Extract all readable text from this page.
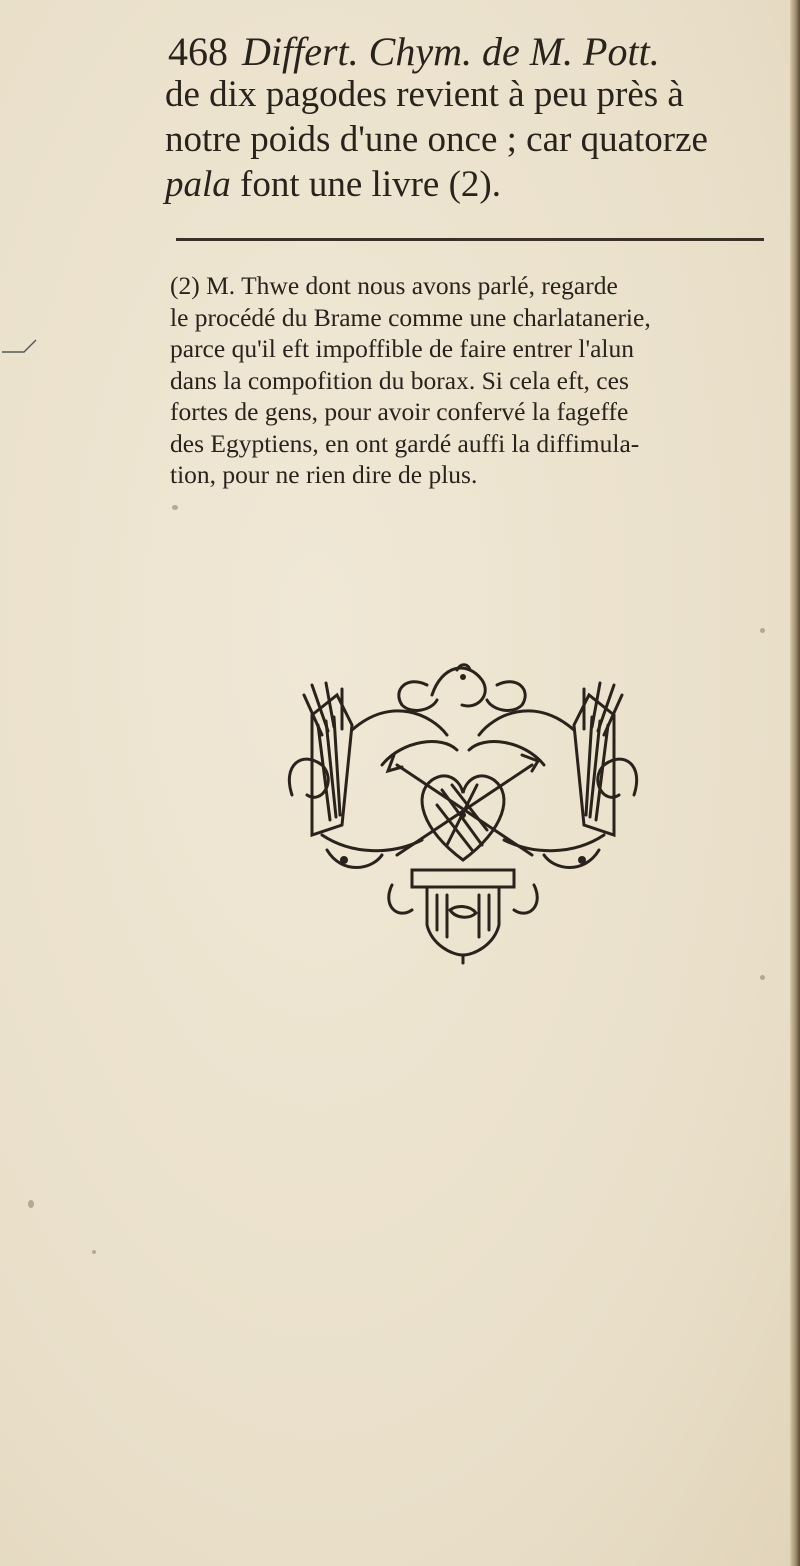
468 Differt. Chym. de M. Pott.
de dix pagodes revient à peu près à
notre poids d'une once ; car quatorze
pala font une livre (2).
(2) M. Thwe dont nous avons parlé, regarde
le procédé du Brame comme une charlatanerie,
parce qu'il eft impoffible de faire entrer l'alun
dans la compofition du borax. Si cela eft, ces
fortes de gens, pour avoir confervé la fageffe
des Egyptiens, en ont gardé auffi la diffimula-
tion, pour ne rien dire de plus.
